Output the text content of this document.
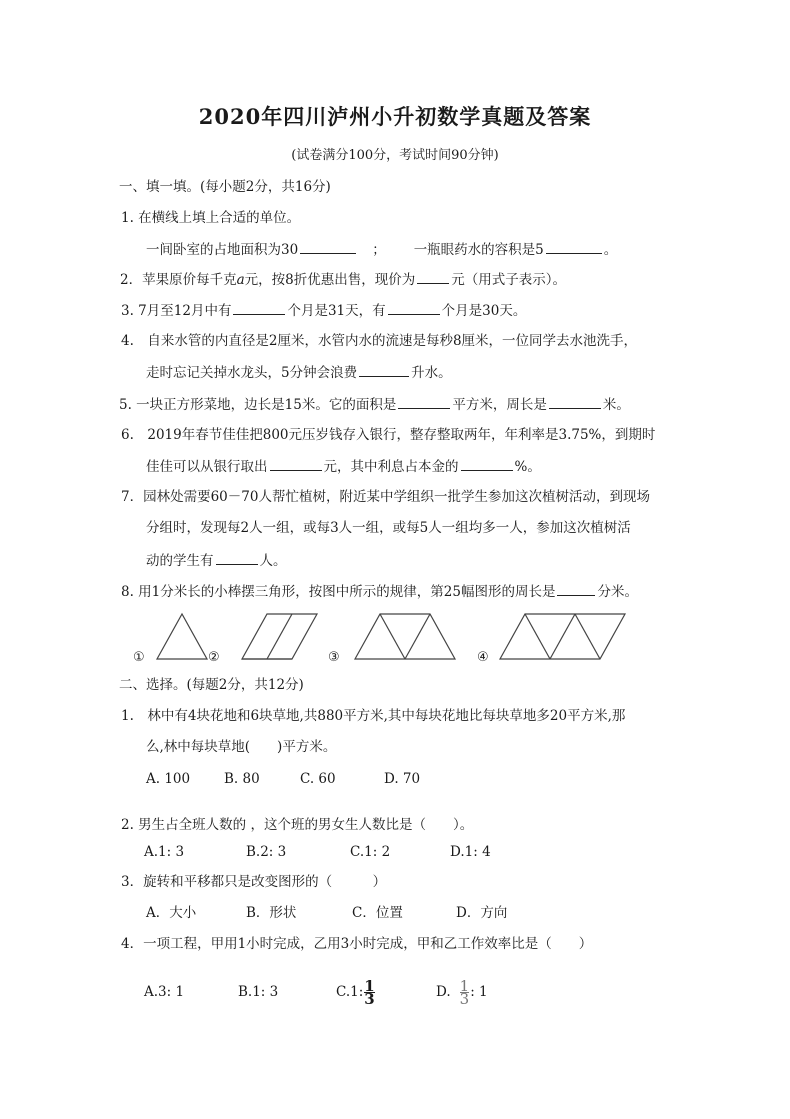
2020年四川泸州小升初数学真题及答案
(试卷满分100分，考试时间90分钟)
一、填一填。(每小题2分，共16分)
1. 在横线上填上合适的单位。
一间卧室的占地面积为30	； 一瓶眼药水的容积是5	。
2．苹果原价每千克a元，按8折优惠出售，现价为	元（用式子表示）。
3. 7月至12月中有	个月是31天，有	个月是30天。
4.　自来水管的内直径是2厘米，水管内水的流速是每秒8厘米，一位同学去水池洗手，
走时忘记关掉水龙头，5分钟会浪费	升水。
5. 一块正方形菜地，边长是15米。它的面积是	平方米，周长是	米。
6.　2019年春节佳佳把800元压岁钱存入银行，整存整取两年，年利率是3.75%，到期时
佳佳可以从银行取出	元，其中利息占本金的	%。
7．园林处需要60－70人帮忙植树，附近某中学组织一批学生参加这次植树活动，到现场
分组时，发现每2人一组，或每3人一组，或每5人一组均多一人，参加这次植树活
动的学生有	人。
8. 用1分米长的小棒摆三角形，按图中所示的规律，第25幅图形的周长是	分米。
①	②	③	④
二、选择。(每题2分，共12分)
1.　林中有4块花地和6块草地,共880平方米,其中每块花地比每块草地多20平方米,那
么,林中每块草地(　　)平方米。
A. 100	B. 80	C. 60	D. 70
2. 男生占全班人数的 ，这个班的男女生人数比是（　　）。
A.1: 3	B.2: 3	C.1: 2	D.1: 4
3．旋转和平移都只是改变图形的（　　　）
A．大小	B．形状	C．位置	D．方向
4．一项工程，甲用1小时完成，乙用3小时完成，甲和乙工作效率比是（　　）
A.3: 1	B.1: 3	C.1: $\frac{1}{3}$	D. $\frac{1}{3}$ : 1
